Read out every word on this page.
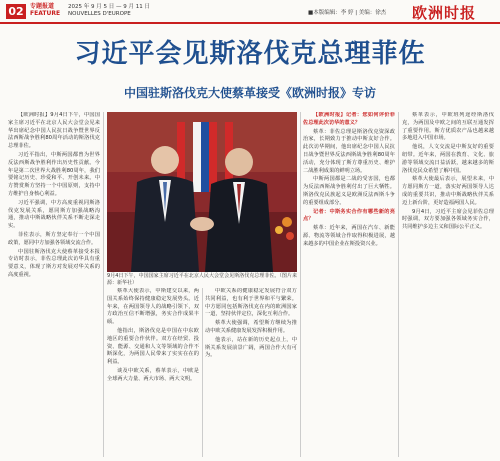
02	专题报道
FEATURE
2025 年 9 月 5 日 — 9 月 11 日
NOUVELLES D'EUROPE	■本版编辑：李 婷 | 美编：徐杰 欧洲时报
习近平会见斯洛伐克总理菲佐
中国驻斯洛伐克大使蔡革接受《欧洲时报》专访

【欧洲时报】9月4日下午，中国国家主席习近平在北京人民大会堂会见来华出席纪念中国人民抗日战争暨世界反法西斯战争胜利80周年活动的斯洛伐克总理菲佐。

习近平指出，中斯两国都曾为世界反法西斯战争胜利作出历史性贡献。今年是第二次世界大战胜利80周年，我们要铭记历史、珍爱和平、开创未来。中方赞赏斯方坚持一个中国原则，支持中方维护自身核心利益。

习近平强调，中方高度重视同斯洛伐克发展关系，愿同斯方加强战略沟通，推动中斯战略伙伴关系不断走深走实。

菲佐表示，斯方坚定奉行一个中国政策，愿同中方加强各领域交流合作。

中国驻斯洛伐克大使蔡革接受本报专访时表示，菲佐总理此次访华具有重要意义，体现了斯方对发展对华关系的高度重视。	9月4日下午，中国国家主席习近平在北京人民大会堂会见斯洛伐克总理菲佐。（图片来源：新华社）

蔡革大使表示，中斯建交以来，两国关系始终保持健康稳定发展势头。近年来，在两国领导人的战略引领下，双方政治互信不断增强，务实合作成果丰硕。

他指出，斯洛伐克是中国在中东欧地区的重要合作伙伴。双方在经贸、投资、能源、交通和人文等领域的合作不断深化，为两国人民带来了实实在在的利益。

谈及中欧关系，蔡革表示，中欧是全球两大力量、两大市场、两大文明。

中欧关系的健康稳定发展符合双方共同利益，也有利于世界和平与繁荣。中方愿同包括斯洛伐克在内的欧洲国家一道，坚持伙伴定位，深化互利合作。

蔡革大使强调，希望斯方继续为推动中欧关系健康发展发挥积极作用。

他表示，站在新的历史起点上，中斯关系发展前景广阔，两国合作大有可为。

【欧洲时报】记者：您如何评价菲佐总理此次访华的意义？

蔡革：菲佐总理是斯洛伐克资深政治家，长期致力于推动中斯友好合作。此次访华期间，他出席纪念中国人民抗日战争暨世界反法西斯战争胜利80周年活动，充分体现了斯方尊重历史、维护二战胜利成果的鲜明立场。

中斯两国都是二战的受害国，也都为反法西斯战争胜利付出了巨大牺牲。斯洛伐克民族起义是欧洲反法西斯斗争的重要组成部分。

记者：中斯务实合作有哪些新的亮点？

蔡革：近年来，两国在汽车、新能源、物流等领域合作取得积极进展，越来越多的中国企业在斯投资兴业。

蔡革表示，中欧班列途经斯洛伐克，为两国及中欧之间的互联互通发挥了重要作用。斯方优质农产品也越来越多地进入中国市场。

他说，人文交流是中斯友好的重要纽带。近年来，两国在教育、文化、旅游等领域交流日益活跃，越来越多的斯洛伐克民众希望了解中国。

蔡革大使最后表示，展望未来，中方愿同斯方一道，落实好两国领导人达成的重要共识，推动中斯战略伙伴关系迈上新台阶，更好造福两国人民。

9月4日，习近平主席会见菲佐总理时强调，双方要加强各领域务实合作，共同维护多边主义和国际公平正义。
